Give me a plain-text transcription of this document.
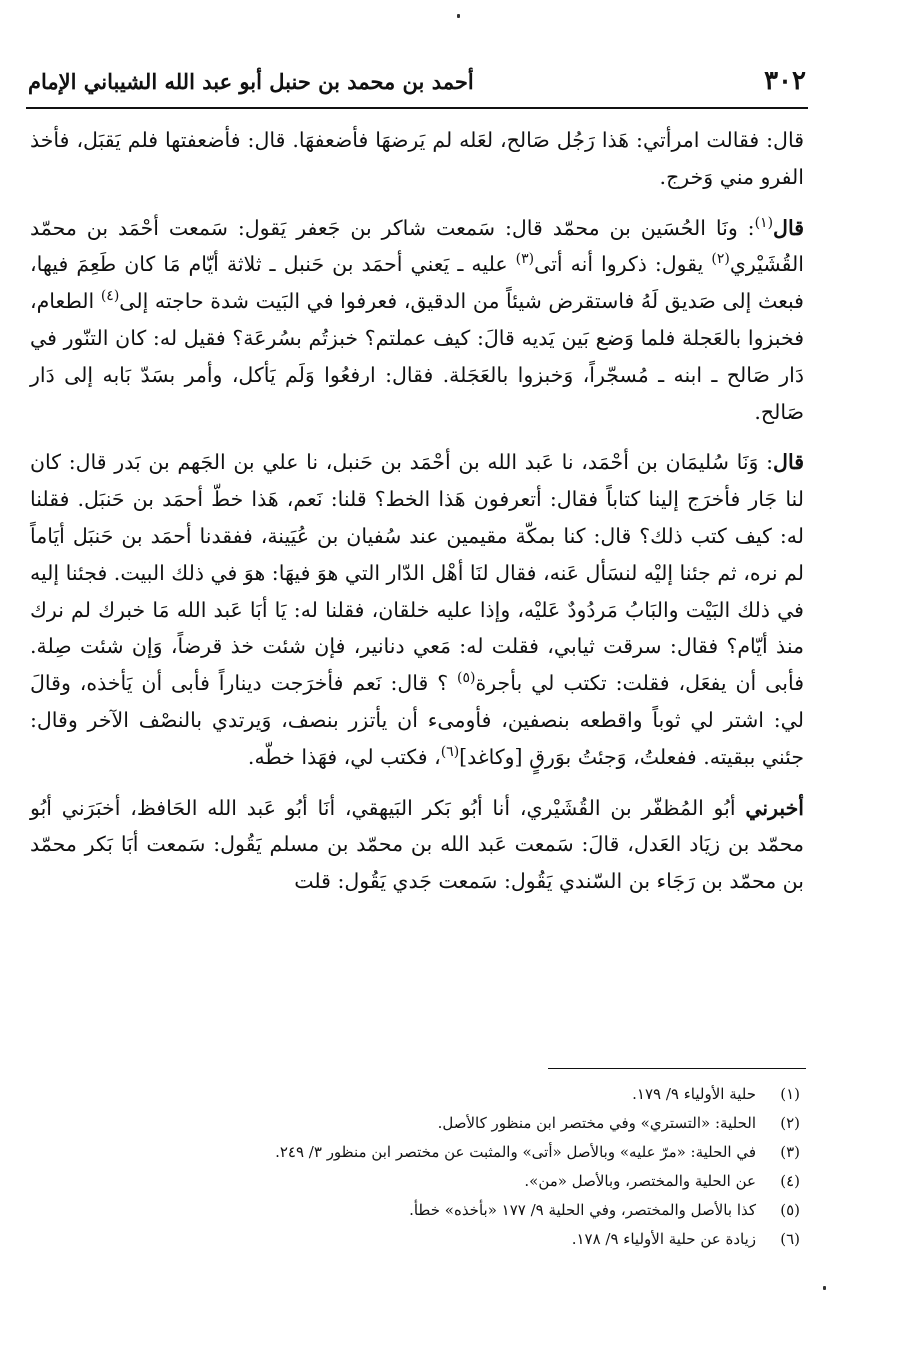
٣٠٢
أحمد بن محمد بن حنبل أبو عبد الله الشيباني الإمام

قال: فقالت امرأتي: هَذا رَجُل صَالح، لعَله لم يَرضهَا فأضعفهَا. قال: فأضعفتها فلم يَقبَل، فأخذ الفرو مني وَخرج.

قال$^{(١)}$: ونَا الحُسَين بن محمّد قال: سَمعت شاكر بن جَعفر يَقول: سَمعت أحْمَد بن محمّد القُشَيْري$^{(٢)}$ يقول: ذكروا أنه أتى$^{(٣)}$ عليه ـ يَعني أحمَد بن حَنبل ـ ثلاثة أيّام مَا كان طَعِمَ فيها، فبعث إلى صَديق لَهُ فاستقرض شيئاً من الدقيق، فعرفوا في البَيت شدة حاجته إلى$^{(٤)}$ الطعام، فخبزوا بالعَجلة فلما وَضع بَين يَديه قالَ: كيف عملتم؟ خبزتُم بسُرعَة؟ فقيل له: كان التنّور في دَار صَالح ـ ابنه ـ مُسجّراً، وَخبزوا بالعَجَلة. فقال: ارفعُوا وَلَم يَأكل، وأمر بسَدّ بَابه إلى دَار صَالح.

قال: وَنَا سُليمَان بن أحْمَد، نا عَبد الله بن أحْمَد بن حَنبل، نا علي بن الجَهم بن بَدر قال: كان لنا جَار فأخرَج إلينا كتاباً فقال: أتعرفون هَذا الخط؟ قلنا: نَعم، هَذا خطّ أحمَد بن حَنبَل. فقلنا له: كيف كتب ذلك؟ قال: كنا بمكّة مقيمين عند سُفيان بن عُيَينة، ففقدنا أحمَد بن حَنبَل أيَاماً لم نره، ثم جئنا إليْه لنسَأل عَنه، فقال لنَا أهْل الدّار التي هوَ فيهَا: هوَ في ذلك البيت. فجئنا إليه في ذلك البَيْت والبَابُ مَردُودٌ عَليْه، وإذا عليه خلقان، فقلنا له: يَا أبَا عَبد الله مَا خبرك لم نرك منذ أيّام؟ فقال: سرقت ثيابي، فقلت له: مَعي دنانير، فإن شئت خذ قرضاً، وَإن شئت صِلة. فأبى أن يفعَل، فقلت: تكتب لي بأجرة$^{(٥)}$ ؟ قال: نَعم فأخرَجت ديناراً فأبى أن يَأخذه، وقالَ لي: اشتر لي ثوباً واقطعه بنصفين، فأومىء أن يأتزر بنصف، وَيرتدي بالنصْف الآخر وقال: جئني ببقيته. ففعلتُ، وَجئتُ بوَرقٍ [وكاغد]$^{(٦)}$، فكتب لي، فهَذا خطّه.

أخبرني أبُو المُظفّر بن القُشَيْري، أنا أبُو بَكر البَيهقي، أنَا أبُو عَبد الله الحَافظ، أخبَرَني أبُو محمّد بن زيَاد العَدل، قالَ: سَمعت عَبد الله بن محمّد بن مسلم يَقُول: سَمعت أبَا بَكر محمّد بن محمّد بن رَجَاء بن السّندي يَقُول: سَمعت جَدي يَقُول: قلت

(١)
حلية الأولياء ٩/ ١٧٩.
(٢)
الحلية: «التستري» وفي مختصر ابن منظور كالأصل.
(٣)
في الحلية: «مرّ عليه» وبالأصل «أتى» والمثبت عن مختصر ابن منظور ٣/ ٢٤٩.
(٤)
عن الحلية والمختصر، وبالأصل «من».
(٥)
كذا بالأصل والمختصر، وفي الحلية ٩/ ١٧٧ «بأخذه» خطأ.
(٦)
زيادة عن حلية الأولياء ٩/ ١٧٨.
